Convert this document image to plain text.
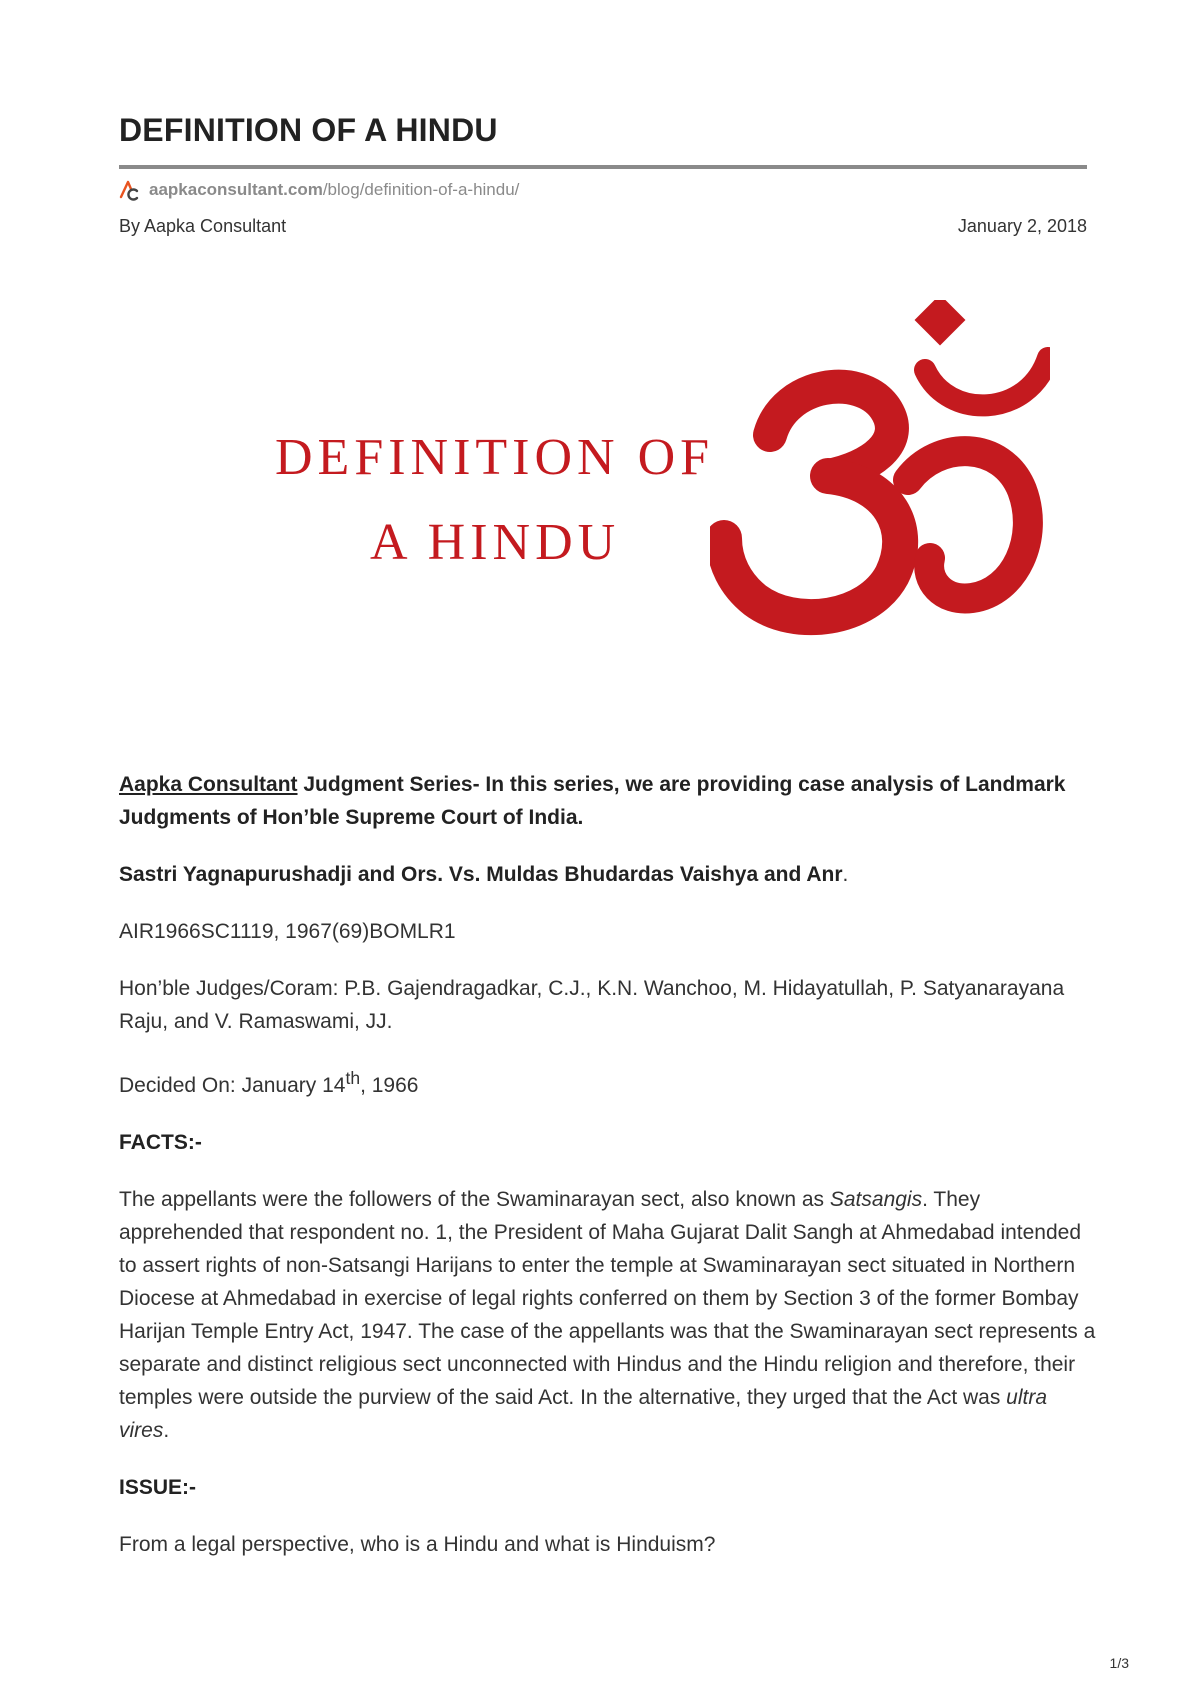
DEFINITION OF A HINDU
aapkaconsultant.com /blog/definition-of-a-hindu/
By Aapka Consultant	January 2, 2018
DEFINITION OF
A HINDU

Aapka Consultant Judgment Series- In this series, we are providing case analysis of Landmark Judgments of Hon’ble Supreme Court of India.

Sastri Yagnapurushadji and Ors. Vs. Muldas Bhudardas Vaishya and Anr.

AIR1966SC1119, 1967(69)BOMLR1

Hon’ble Judges/Coram: P.B. Gajendragadkar, C.J., K.N. Wanchoo, M. Hidayatullah, P. Satyanarayana Raju, and V. Ramaswami, JJ.

Decided On: January 14th, 1966

FACTS:-

The appellants were the followers of the Swaminarayan sect, also known as Satsangis. They apprehended that respondent no. 1, the President of Maha Gujarat Dalit Sangh at Ahmedabad intended to assert rights of non-Satsangi Harijans to enter the temple at Swaminarayan sect situated in Northern Diocese at Ahmedabad in exercise of legal rights conferred on them by Section 3 of the former Bombay Harijan Temple Entry Act, 1947. The case of the appellants was that the Swaminarayan sect represents a separate and distinct religious sect unconnected with Hindus and the Hindu religion and therefore, their temples were outside the purview of the said Act. In the alternative, they urged that the Act was ultra vires.

ISSUE:-

From a legal perspective, who is a Hindu and what is Hinduism?

1/3
